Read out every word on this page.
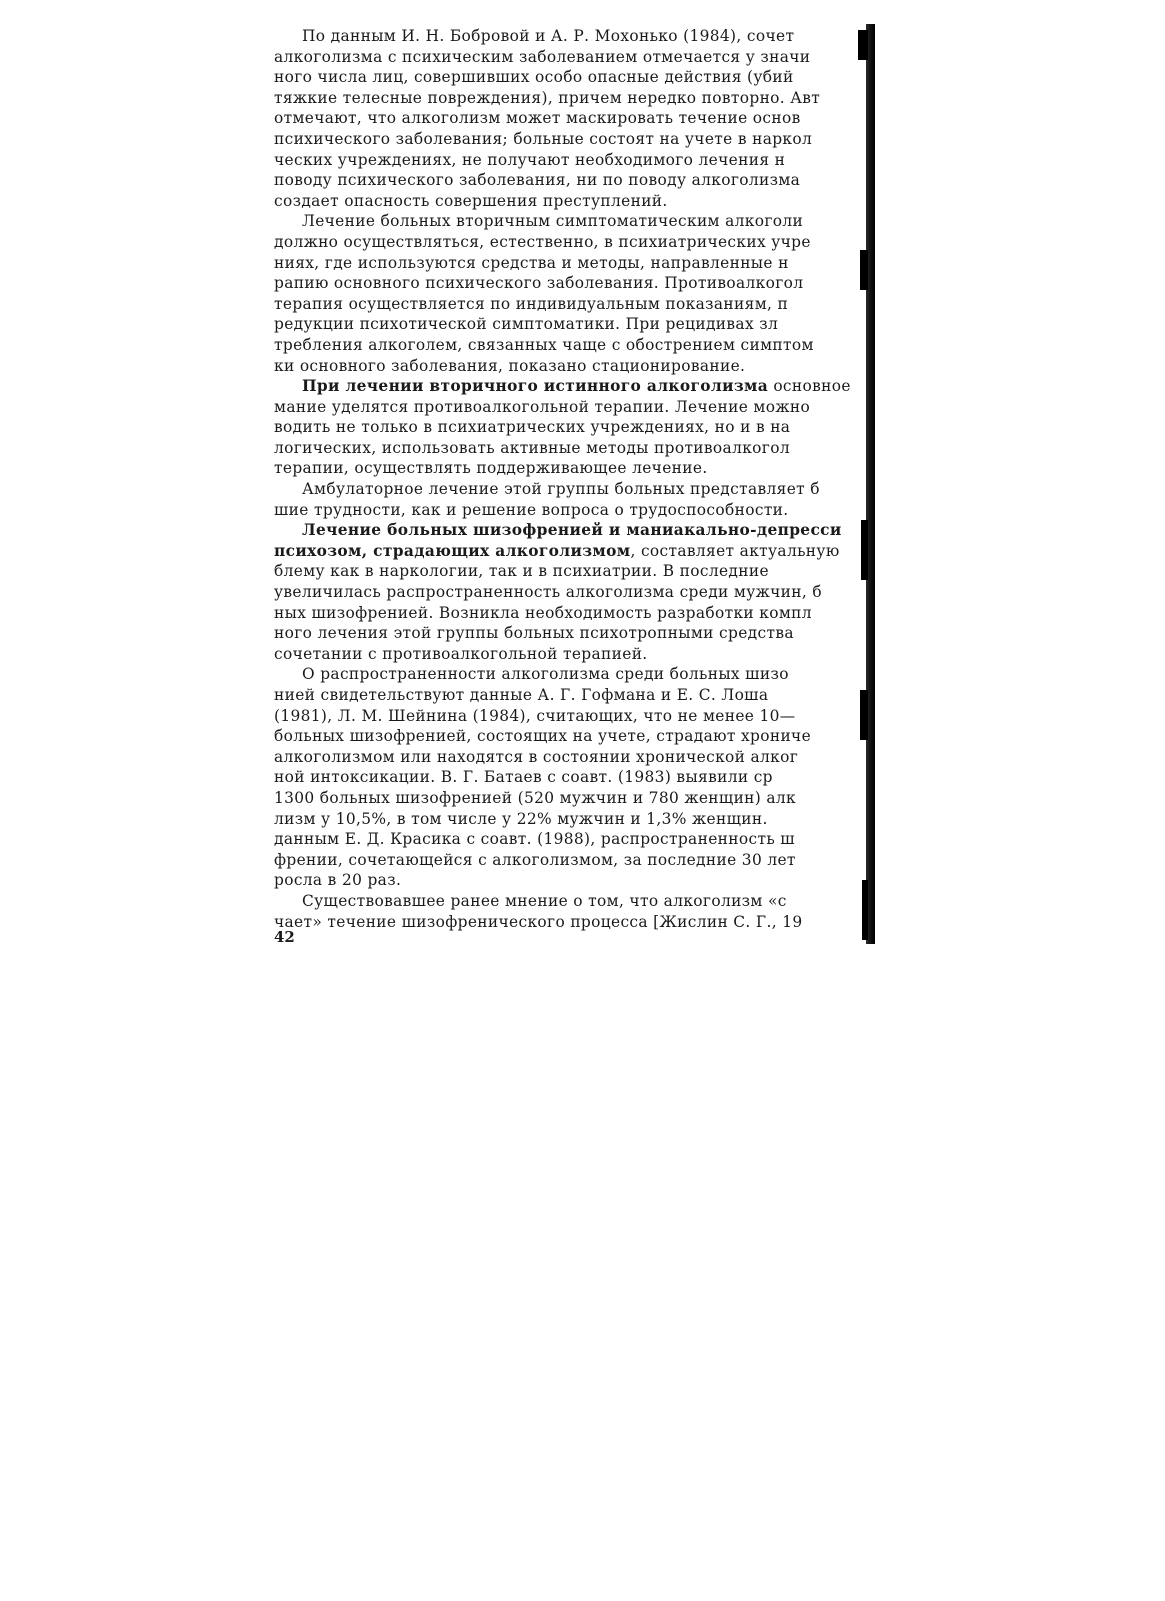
По данным И. Н. Бобровой и А. Р. Мохонько (1984), сочет
алкоголизма с психическим заболеванием отмечается у значи
ного числа лиц, совершивших особо опасные действия (убий
тяжкие телесные повреждения), причем нередко повторно. Авт
отмечают, что алкоголизм может маскировать течение основ
психического заболевания; больные состоят на учете в наркол
ческих учреждениях, не получают необходимого лечения н
поводу психического заболевания, ни по поводу алкоголизма
создает опасность совершения преступлений.
Лечение больных вторичным симптоматическим алкоголи
должно осуществляться, естественно, в психиатрических учре
ниях, где используются средства и методы, направленные н
рапию основного психического заболевания. Противоалкогол
терапия осуществляется по индивидуальным показаниям, п
редукции психотической симптоматики. При рецидивах зл
требления алкоголем, связанных чаще с обострением симптом
ки основного заболевания, показано стационирование.
При лечении вторичного истинного алкоголизма основное
мание уделятся противоалкогольной терапии. Лечение можно
водить не только в психиатрических учреждениях, но и в на
логических, использовать активные методы противоалкогол
терапии, осуществлять поддерживающее лечение.
Амбулаторное лечение этой группы больных представляет б
шие трудности, как и решение вопроса о трудоспособности.
Лечение больных шизофренией и маниакально-депресси
психозом, страдающих алкоголизмом, составляет актуальную
блему как в наркологии, так и в психиатрии. В последние
увеличилась распространенность алкоголизма среди мужчин, б
ных шизофренией. Возникла необходимость разработки компл
ного лечения этой группы больных психотропными средства
сочетании с противоалкогольной терапией.
О распространенности алкоголизма среди больных шизо
нией свидетельствуют данные А. Г. Гофмана и Е. С. Лоша
(1981), Л. М. Шейнина (1984), считающих, что не менее 10—
больных шизофренией, состоящих на учете, страдают хрониче
алкоголизмом или находятся в состоянии хронической алког
ной интоксикации. В. Г. Батаев с соавт. (1983) выявили ср
1300 больных шизофренией (520 мужчин и 780 женщин) алк
лизм у 10,5%, в том числе у 22% мужчин и 1,3% женщин.
данным Е. Д. Красика с соавт. (1988), распространенность ш
френии, сочетающейся с алкоголизмом, за последние 30 лет
росла в 20 раз.
Существовавшее ранее мнение о том, что алкоголизм «с
чает» течение шизофренического процесса [Жислин С. Г., 19
42
